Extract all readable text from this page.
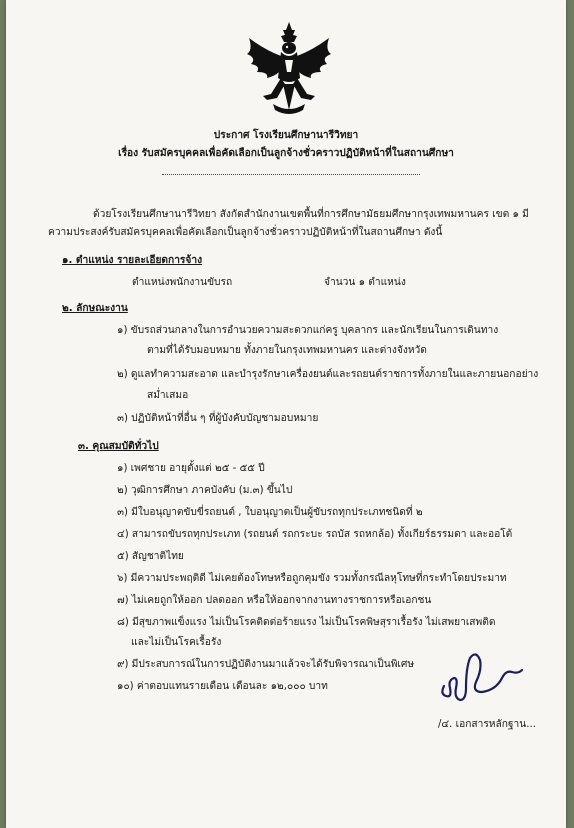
ประกาศ โรงเรียนศึกษานารีวิทยา
เรื่อง รับสมัครบุคคลเพื่อคัดเลือกเป็นลูกจ้างชั่วคราวปฏิบัติหน้าที่ในสถานศึกษา
ด้วยโรงเรียนศึกษานารีวิทยา สังกัดสำนักงานเขตพื้นที่การศึกษามัธยมศึกษากรุงเทพมหานคร เขต ๑ มี
ความประสงค์รับสมัครบุคคลเพื่อคัดเลือกเป็นลูกจ้างชั่วคราวปฏิบัติหน้าที่ในสถานศึกษา ดังนี้
๑. ตำแหน่ง รายละเอียดการจ้าง
ตำแหน่งพนักงานขับรถ	จำนวน ๑ ตำแหน่ง
๒. ลักษณะงาน
๑) ขับรถส่วนกลางในการอำนวยความสะดวกแก่ครู บุคลากร และนักเรียนในการเดินทาง
ตามที่ได้รับมอบหมาย ทั้งภายในกรุงเทพมหานคร และต่างจังหวัด
๒) ดูแลทำความสะอาด และบำรุงรักษาเครื่องยนต์และรถยนต์ราชการทั้งภายในและภายนอกอย่าง
สม่ำเสมอ
๓) ปฏิบัติหน้าที่อื่น ๆ ที่ผู้บังคับบัญชามอบหมาย
๓. คุณสมบัติทั่วไป
๑) เพศชาย อายุตั้งแต่ ๒๕ - ๕๕ ปี
๒) วุฒิการศึกษา ภาคบังคับ (ม.๓) ขึ้นไป
๓) มีใบอนุญาตขับขี่รถยนต์ , ใบอนุญาตเป็นผู้ขับรถทุกประเภทชนิดที่ ๒
๔) สามารถขับรถทุกประเภท (รถยนต์ รถกระบะ รถบัส รถหกล้อ) ทั้งเกียร์ธรรมดา และออโต้
๕) สัญชาติไทย
๖) มีความประพฤติดี ไม่เคยต้องโทษหรือถูกคุมขัง รวมทั้งกรณีลหุโทษที่กระทำโดยประมาท
๗) ไม่เคยถูกให้ออก ปลดออก หรือให้ออกจากงานทางราชการหรือเอกชน
๘) มีสุขภาพแข็งแรง ไม่เป็นโรคติดต่อร้ายแรง ไม่เป็นโรคพิษสุราเรื้อรัง ไม่เสพยาเสพติด
และไม่เป็นโรคเรื้อรัง
๙) มีประสบการณ์ในการปฏิบัติงานมาแล้วจะได้รับพิจารณาเป็นพิเศษ
๑๐) ค่าตอบแทนรายเดือน เดือนละ ๑๒,๐๐๐ บาท
/๔. เอกสารหลักฐาน...
